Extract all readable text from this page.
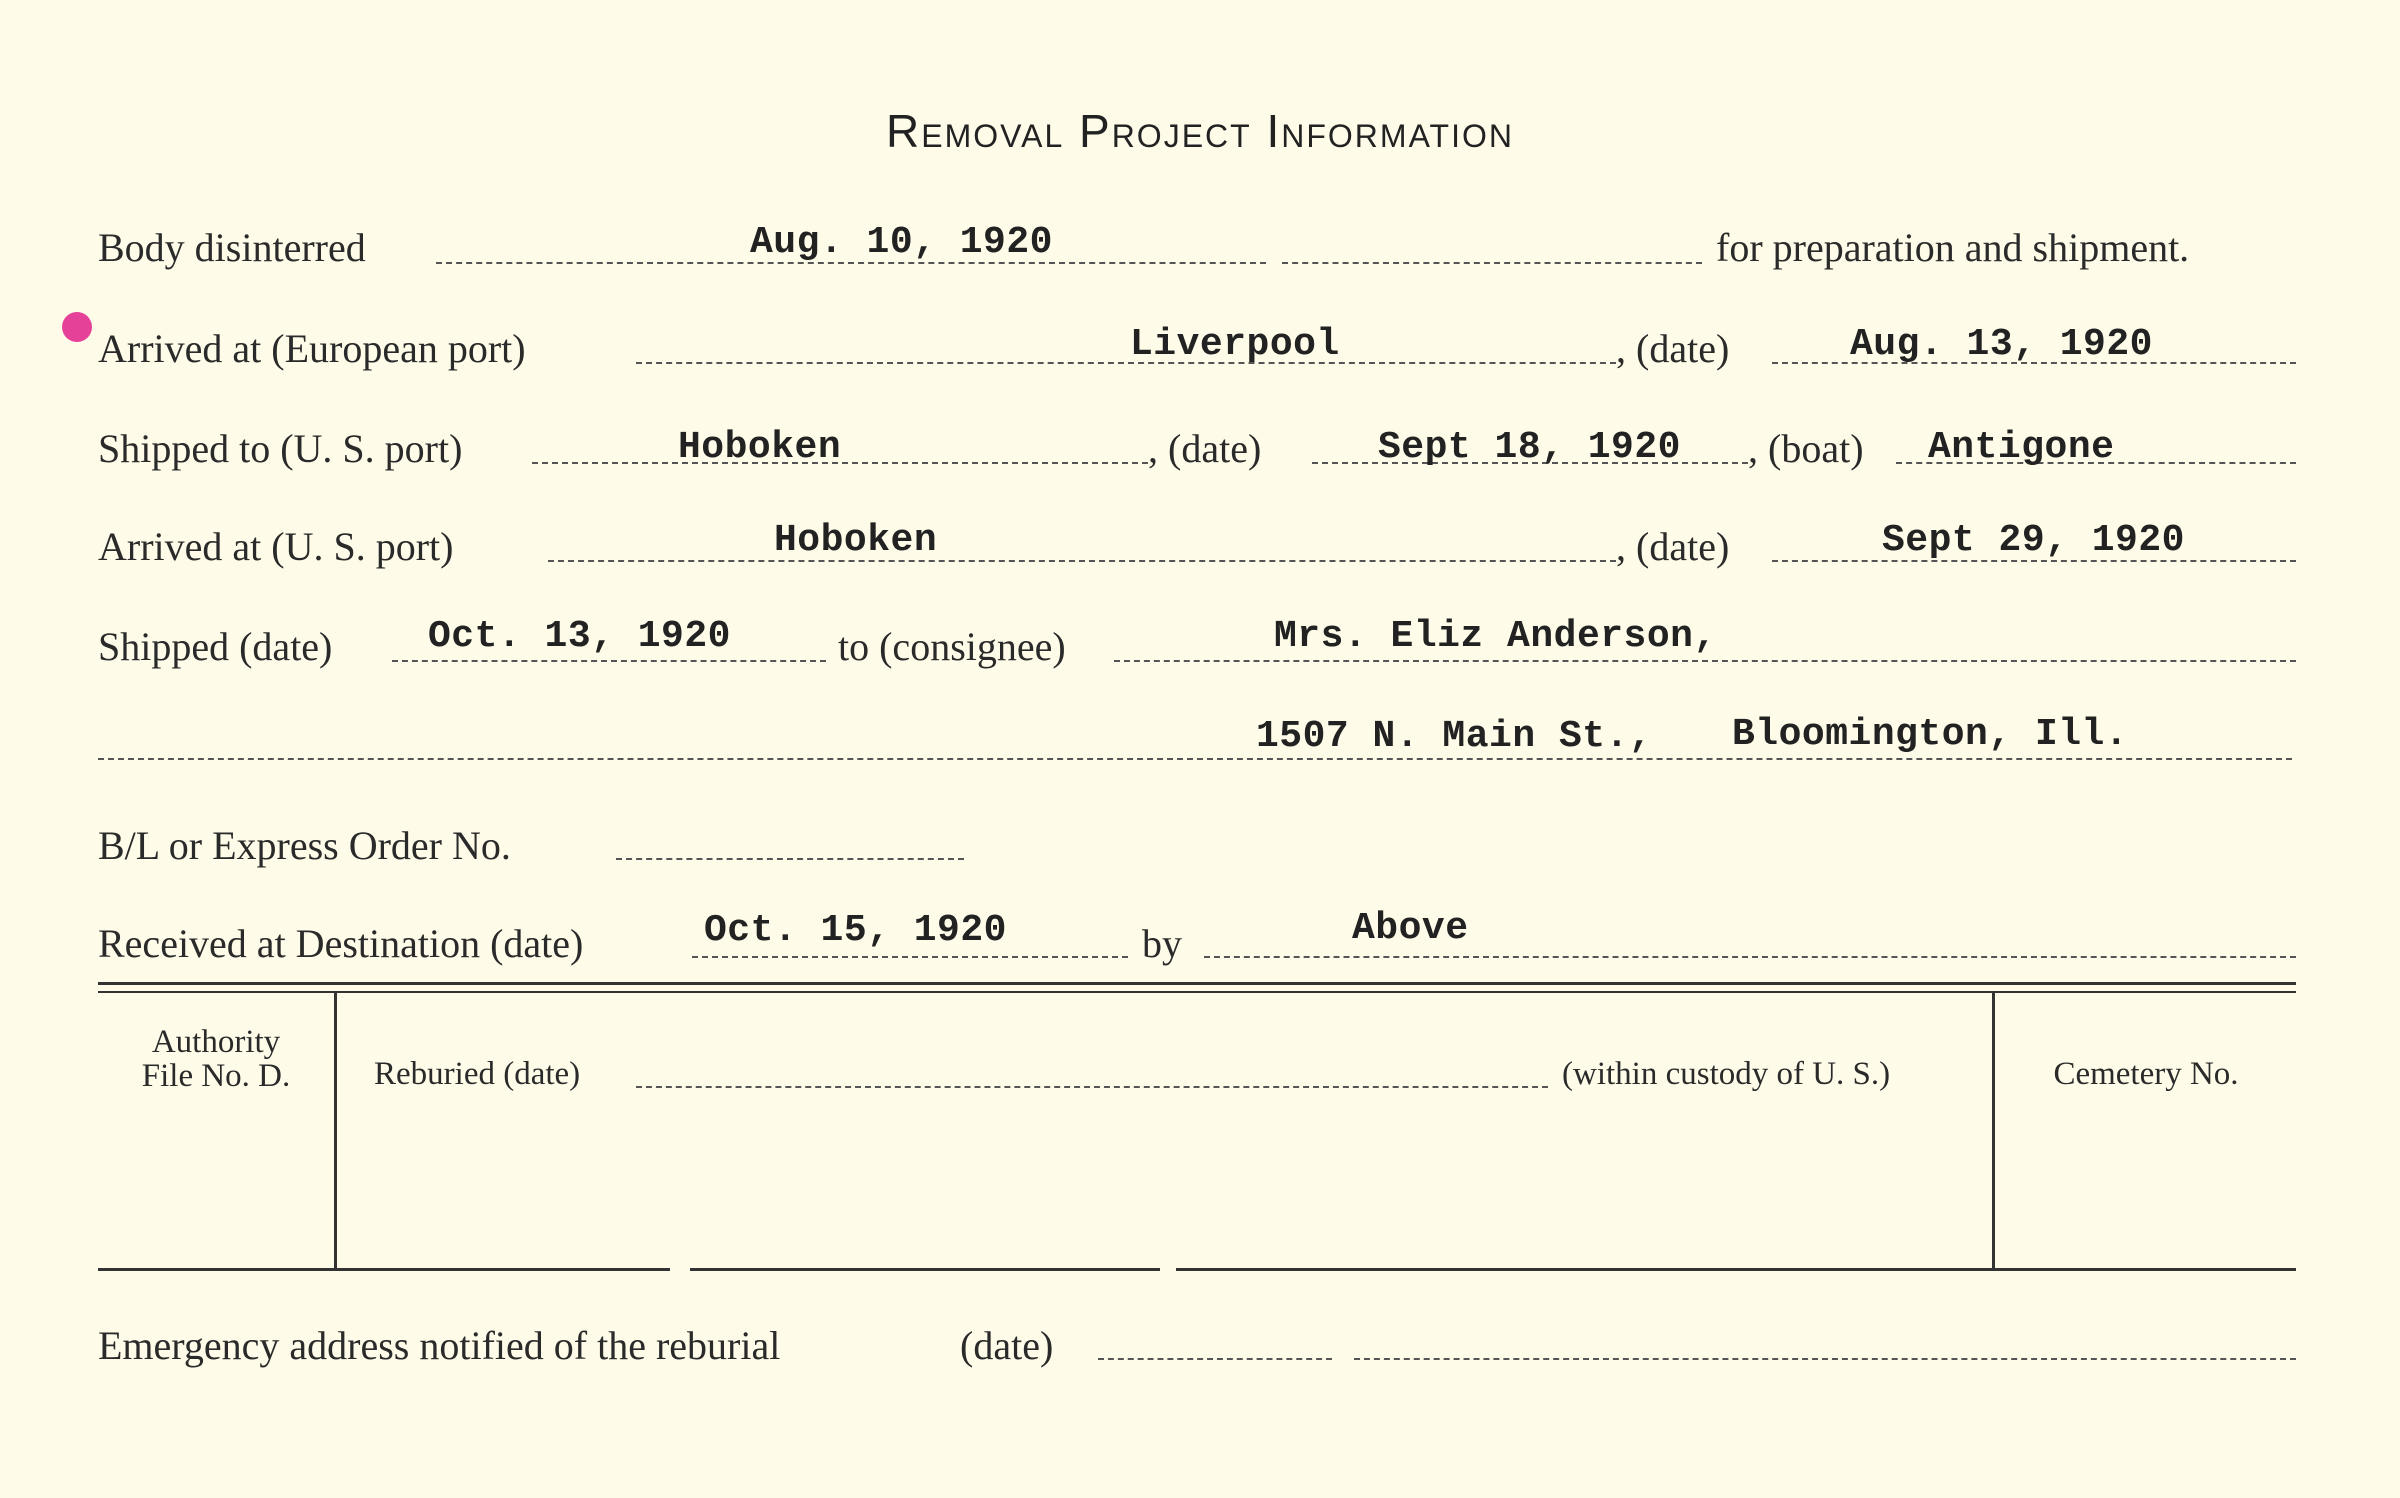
Removal Project Information
Body disinterred	Aug. 10, 1920	for preparation and shipment.
Arrived at (European port)	Liverpool	, (date)	Aug. 13, 1920
Shipped to (U. S. port)	Hoboken	, (date)	Sept 18, 1920 , (boat) Antigone
Arrived at (U. S. port)	Hoboken	, (date)	Sept 29, 1920
Shipped (date)	Oct. 13, 1920	to (consignee)	Mrs. Eliz Anderson,
1507 N. Main St., Bloomington, Ill.
B/L or Express Order No.
Received at Destination (date)	Oct. 15, 1920	by	Above
Authority
File No. D.	Reburied (date)	(within custody of U. S.)	Cemetery No.
Emergency address notified of the reburial	(date)
